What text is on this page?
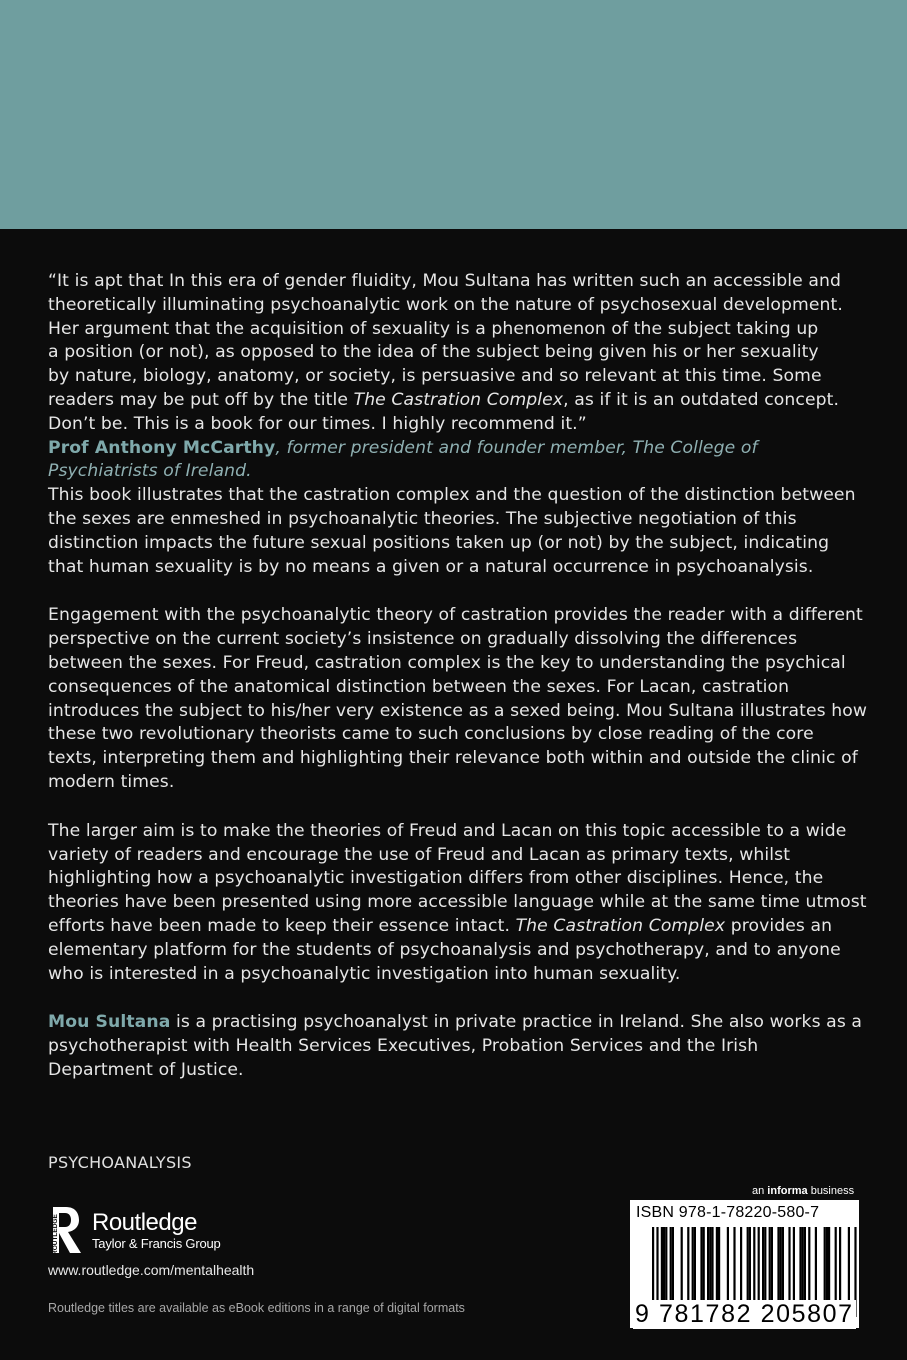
“It is apt that In this era of gender fluidity, Mou Sultana has written such an accessible and

theoretically illuminating psychoanalytic work on the nature of psychosexual development.

Her argument that the acquisition of sexuality is a phenomenon of the subject taking up

a position (or not), as opposed to the idea of the subject being given his or her sexuality

by nature, biology, anatomy, or society, is persuasive and so relevant at this time. Some

readers may be put off by the title The Castration Complex, as if it is an outdated concept.

Don’t be. This is a book for our times. I highly recommend it.”

Prof Anthony McCarthy, former president and founder member, The College of Psychiatrists of Ireland.

This book illustrates that the castration complex and the question of the distinction between the sexes are enmeshed in psychoanalytic theories. The subjective negotiation of this distinction impacts the future sexual positions taken up (or not) by the subject, indicating that human sexuality is by no means a given or a natural occurrence in psychoanalysis.

Engagement with the psychoanalytic theory of castration provides the reader with a different perspective on the current society’s insistence on gradually dissolving the differences between the sexes. For Freud, castration complex is the key to understanding the psychical consequences of the anatomical distinction between the sexes. For Lacan, castration introduces the subject to his/her very existence as a sexed being. Mou Sultana illustrates how these two revolutionary theorists came to such conclusions by close reading of the core texts, interpreting them and highlighting their relevance both within and outside the clinic of modern times.

The larger aim is to make the theories of Freud and Lacan on this topic accessible to a wide variety of readers and encourage the use of Freud and Lacan as primary texts, whilst highlighting how a psychoanalytic investigation differs from other disciplines. Hence, the theories have been presented using more accessible language while at the same time utmost efforts have been made to keep their essence intact. The Castration Complex provides an elementary platform for the students of psychoanalysis and psychotherapy, and to anyone who is interested in a psychoanalytic investigation into human sexuality.

Mou Sultana is a practising psychoanalyst in private practice in Ireland. She also works as a psychotherapist with Health Services Executives, Probation Services and the Irish Department of Justice.

PSYCHOANALYSIS
ROUTLEDGE Routledge
Taylor & Francis Group
www.routledge.com/mentalhealth
Routledge titles are available as eBook editions in a range of digital formats
an informa business
ISBN 978-1-78220-580-7
9 781782 205807
